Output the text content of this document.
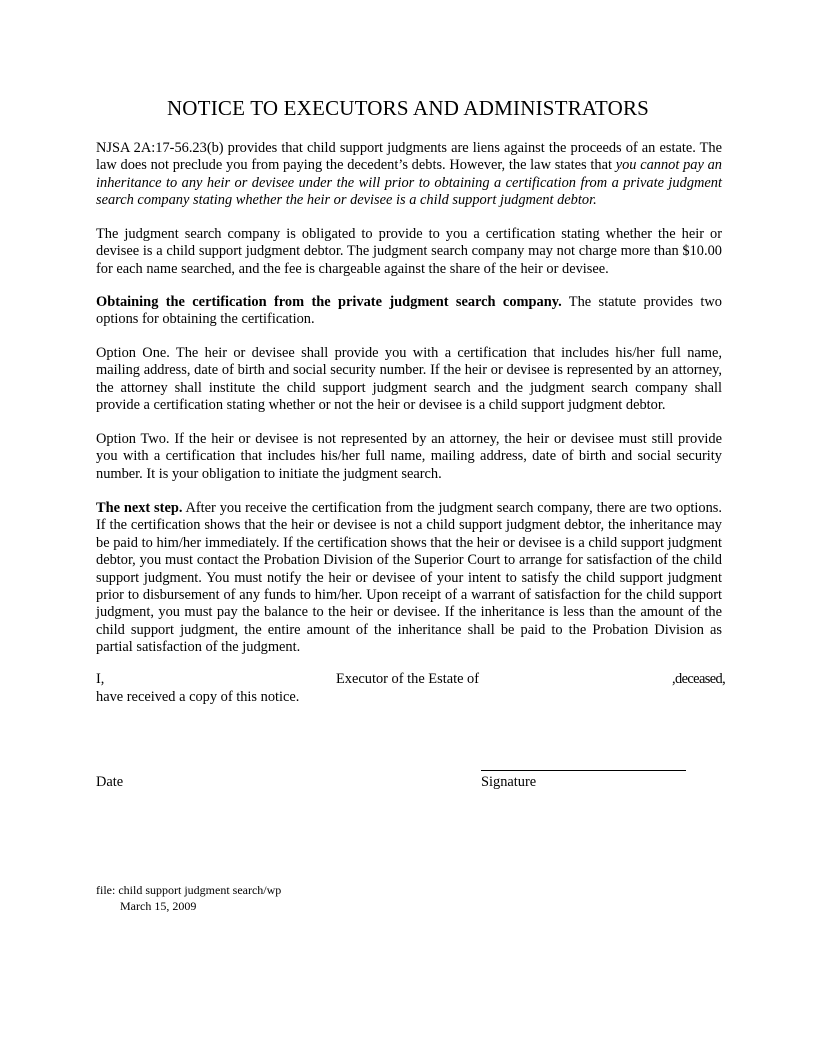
NOTICE TO EXECUTORS AND ADMINISTRATORS

NJSA 2A:17-56.23(b) provides that child support judgments are liens against the proceeds of an estate. The law does not preclude you from paying the decedent’s debts. However, the law states that you cannot pay an inheritance to any heir or devisee under the will prior to obtaining a certification from a private judgment search company stating whether the heir or devisee is a child support judgment debtor.

The judgment search company is obligated to provide to you a certification stating whether the heir or devisee is a child support judgment debtor. The judgment search company may not charge more than $10.00 for each name searched, and the fee is chargeable against the share of the heir or devisee.

Obtaining the certification from the private judgment search company. The statute provides two options for obtaining the certification.

Option One. The heir or devisee shall provide you with a certification that includes his/her full name, mailing address, date of birth and social security number. If the heir or devisee is represented by an attorney, the attorney shall institute the child support judgment search and the judgment search company shall provide a certification stating whether or not the heir or devisee is a child support judgment debtor.

Option Two. If the heir or devisee is not represented by an attorney, the heir or devisee must still provide you with a certification that includes his/her full name, mailing address, date of birth and social security number. It is your obligation to initiate the judgment search.

The next step. After you receive the certification from the judgment search company, there are two options. If the certification shows that the heir or devisee is not a child support judgment debtor, the inheritance may be paid to him/her immediately. If the certification shows that the heir or devisee is a child support judgment debtor, you must contact the Probation Division of the Superior Court to arrange for satisfaction of the child support judgment. You must notify the heir or devisee of your intent to satisfy the child support judgment prior to disbursement of any funds to him/her. Upon receipt of a warrant of satisfaction for the child support judgment, you must pay the balance to the heir or devisee. If the inheritance is less than the amount of the child support judgment, the entire amount of the inheritance shall be paid to the Probation Division as partial satisfaction of the judgment.

I,	Executor of the Estate of	,deceased,
have received a copy of this notice.
Date	Signature
file: child support judgment search/wp
March 15, 2009
